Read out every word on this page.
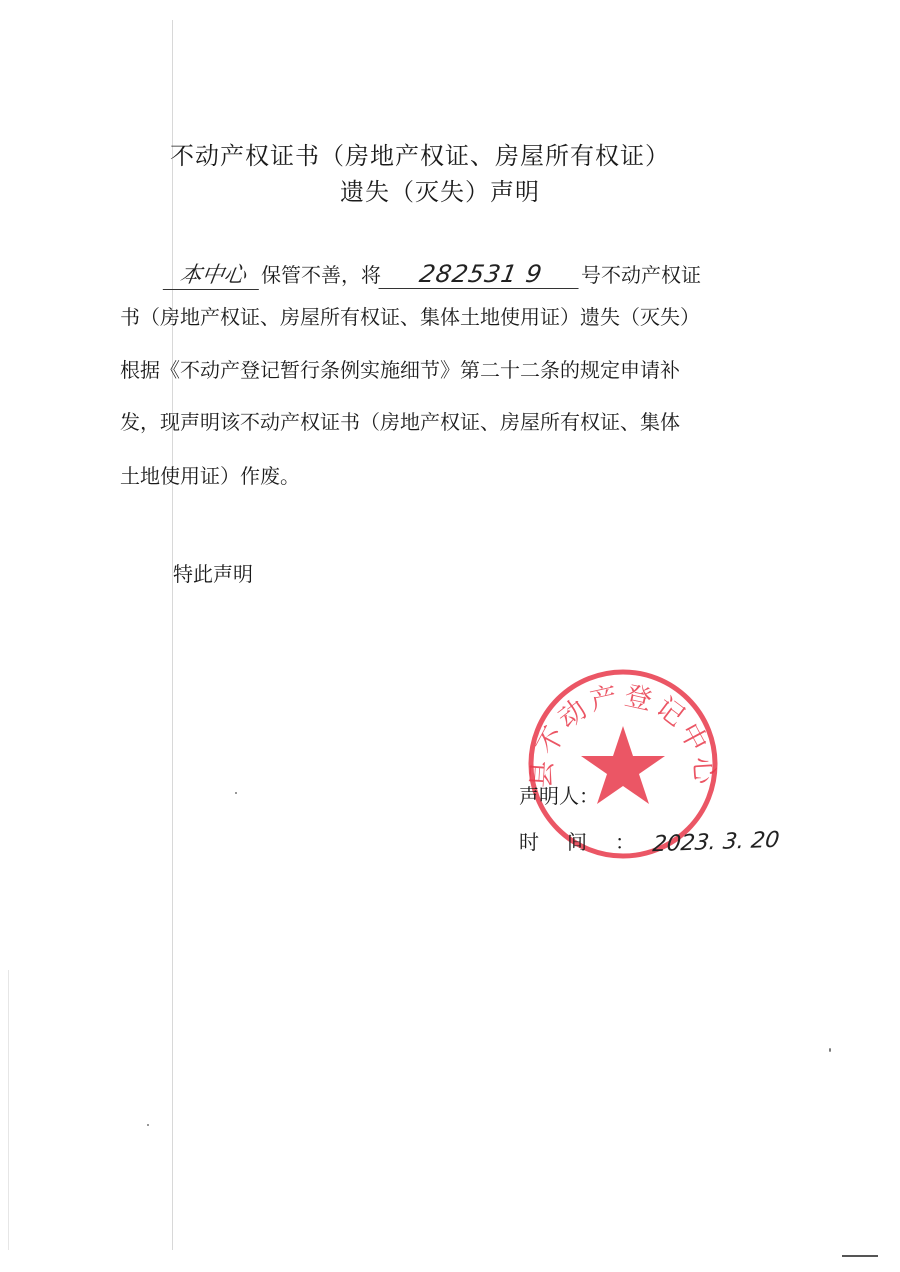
不动产权证书（房地产权证、房屋所有权证）
遗失（灭失）声明
本中心 保管不善，将 282531 9 号不动产权证
书（房地产权证、房屋所有权证、集体土地使用证）遗失（灭失）
根据《不动产登记暂行条例实施细节》第二十二条的规定申请补
发，现声明该不动产权证书（房地产权证、房屋所有权证、集体
土地使用证）作废。
特此声明
县不动产登记中心
声明人：
时间：2023. 3. 20
